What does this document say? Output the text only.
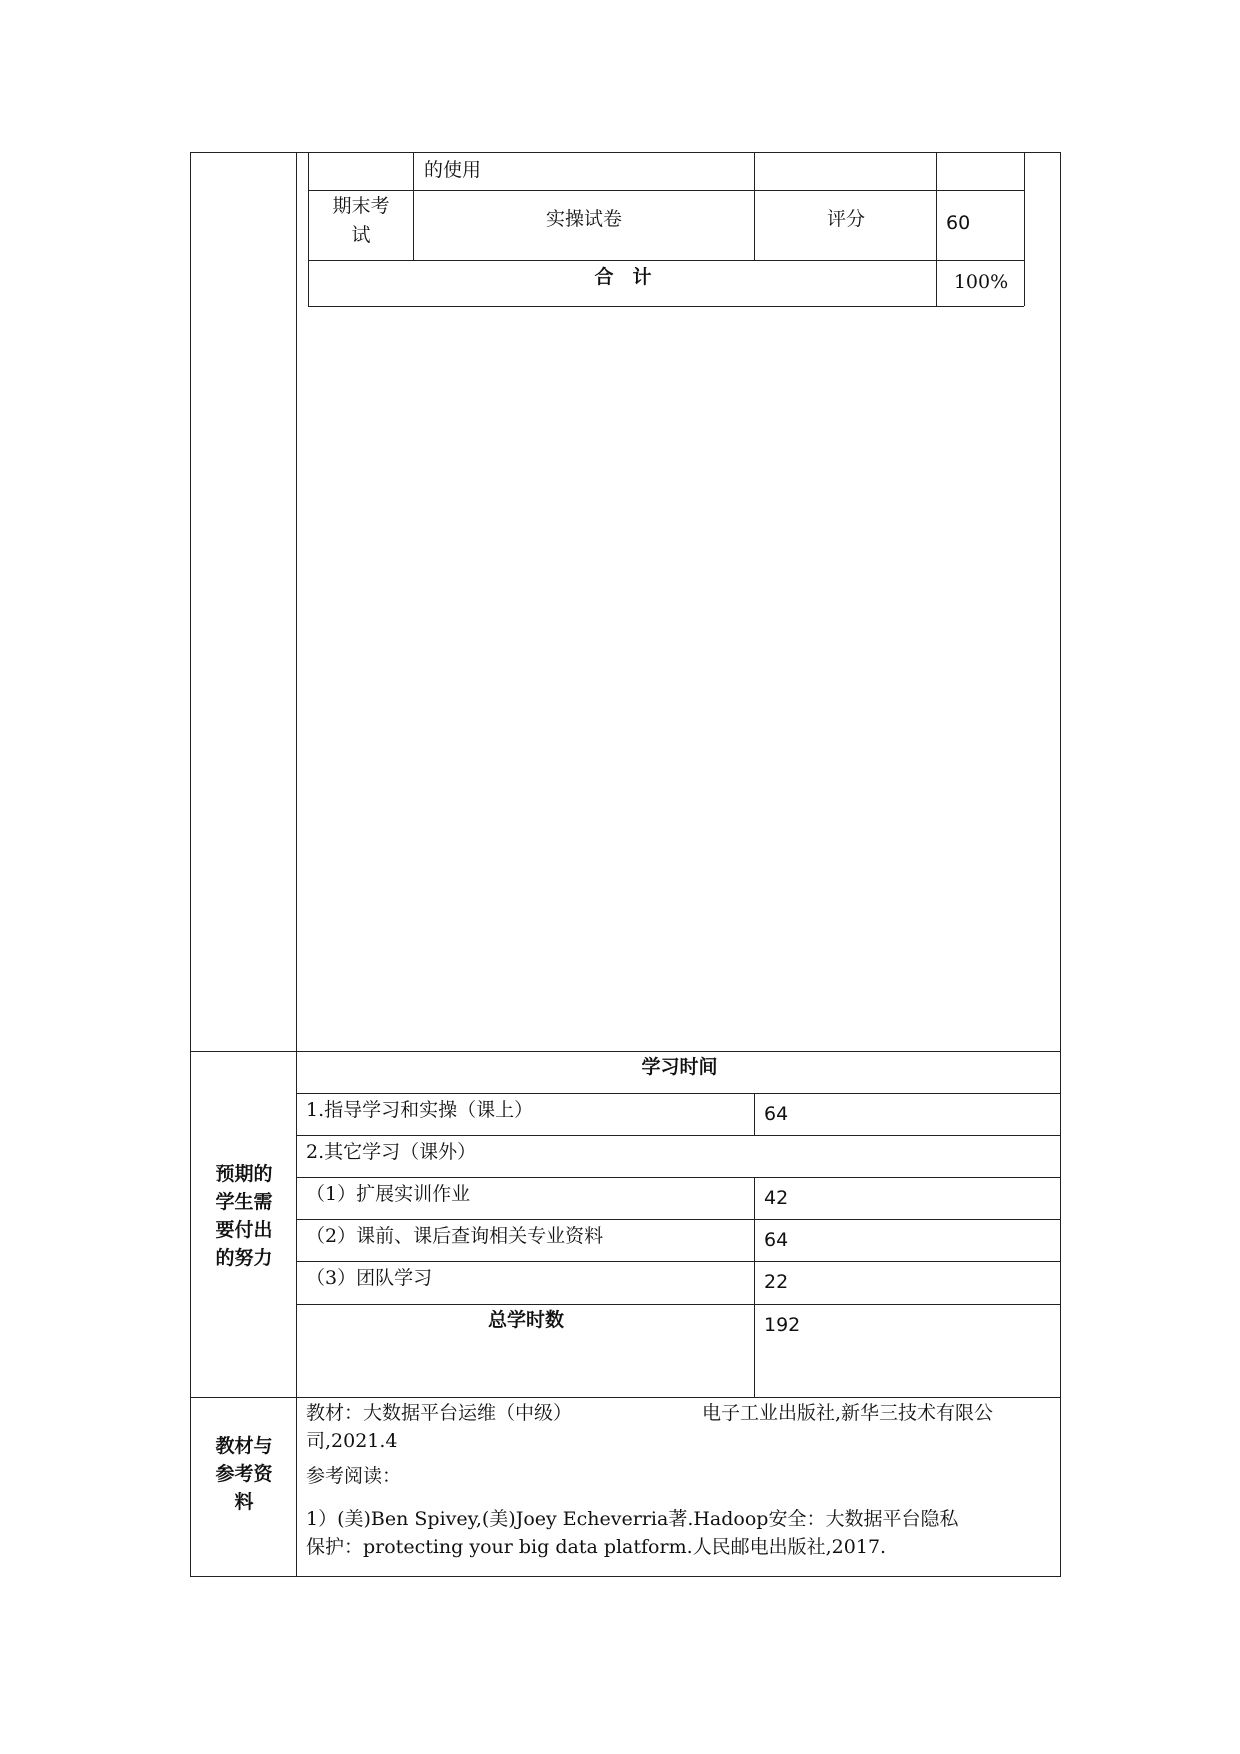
的使用
期末考
试
实操试卷	评分	60
合　计	100%
预期的
学生需
要付出
的努力
学习时间
1.指导学习和实操（课上）	64
2.其它学习（课外）
（1）扩展实训作业	42
（2）课前、课后查询相关专业资料	64
（3）团队学习	22
总学时数	192
教材与
参考资
料
教材：大数据平台运维（中级）	电子工业出版社,新华三技术有限公
司,2021.4
参考阅读：
1）(美)Ben Spivey,(美)Joey Echeverria著.Hadoop安全：大数据平台隐私
保护：protecting your big data platform.人民邮电出版社,2017.
